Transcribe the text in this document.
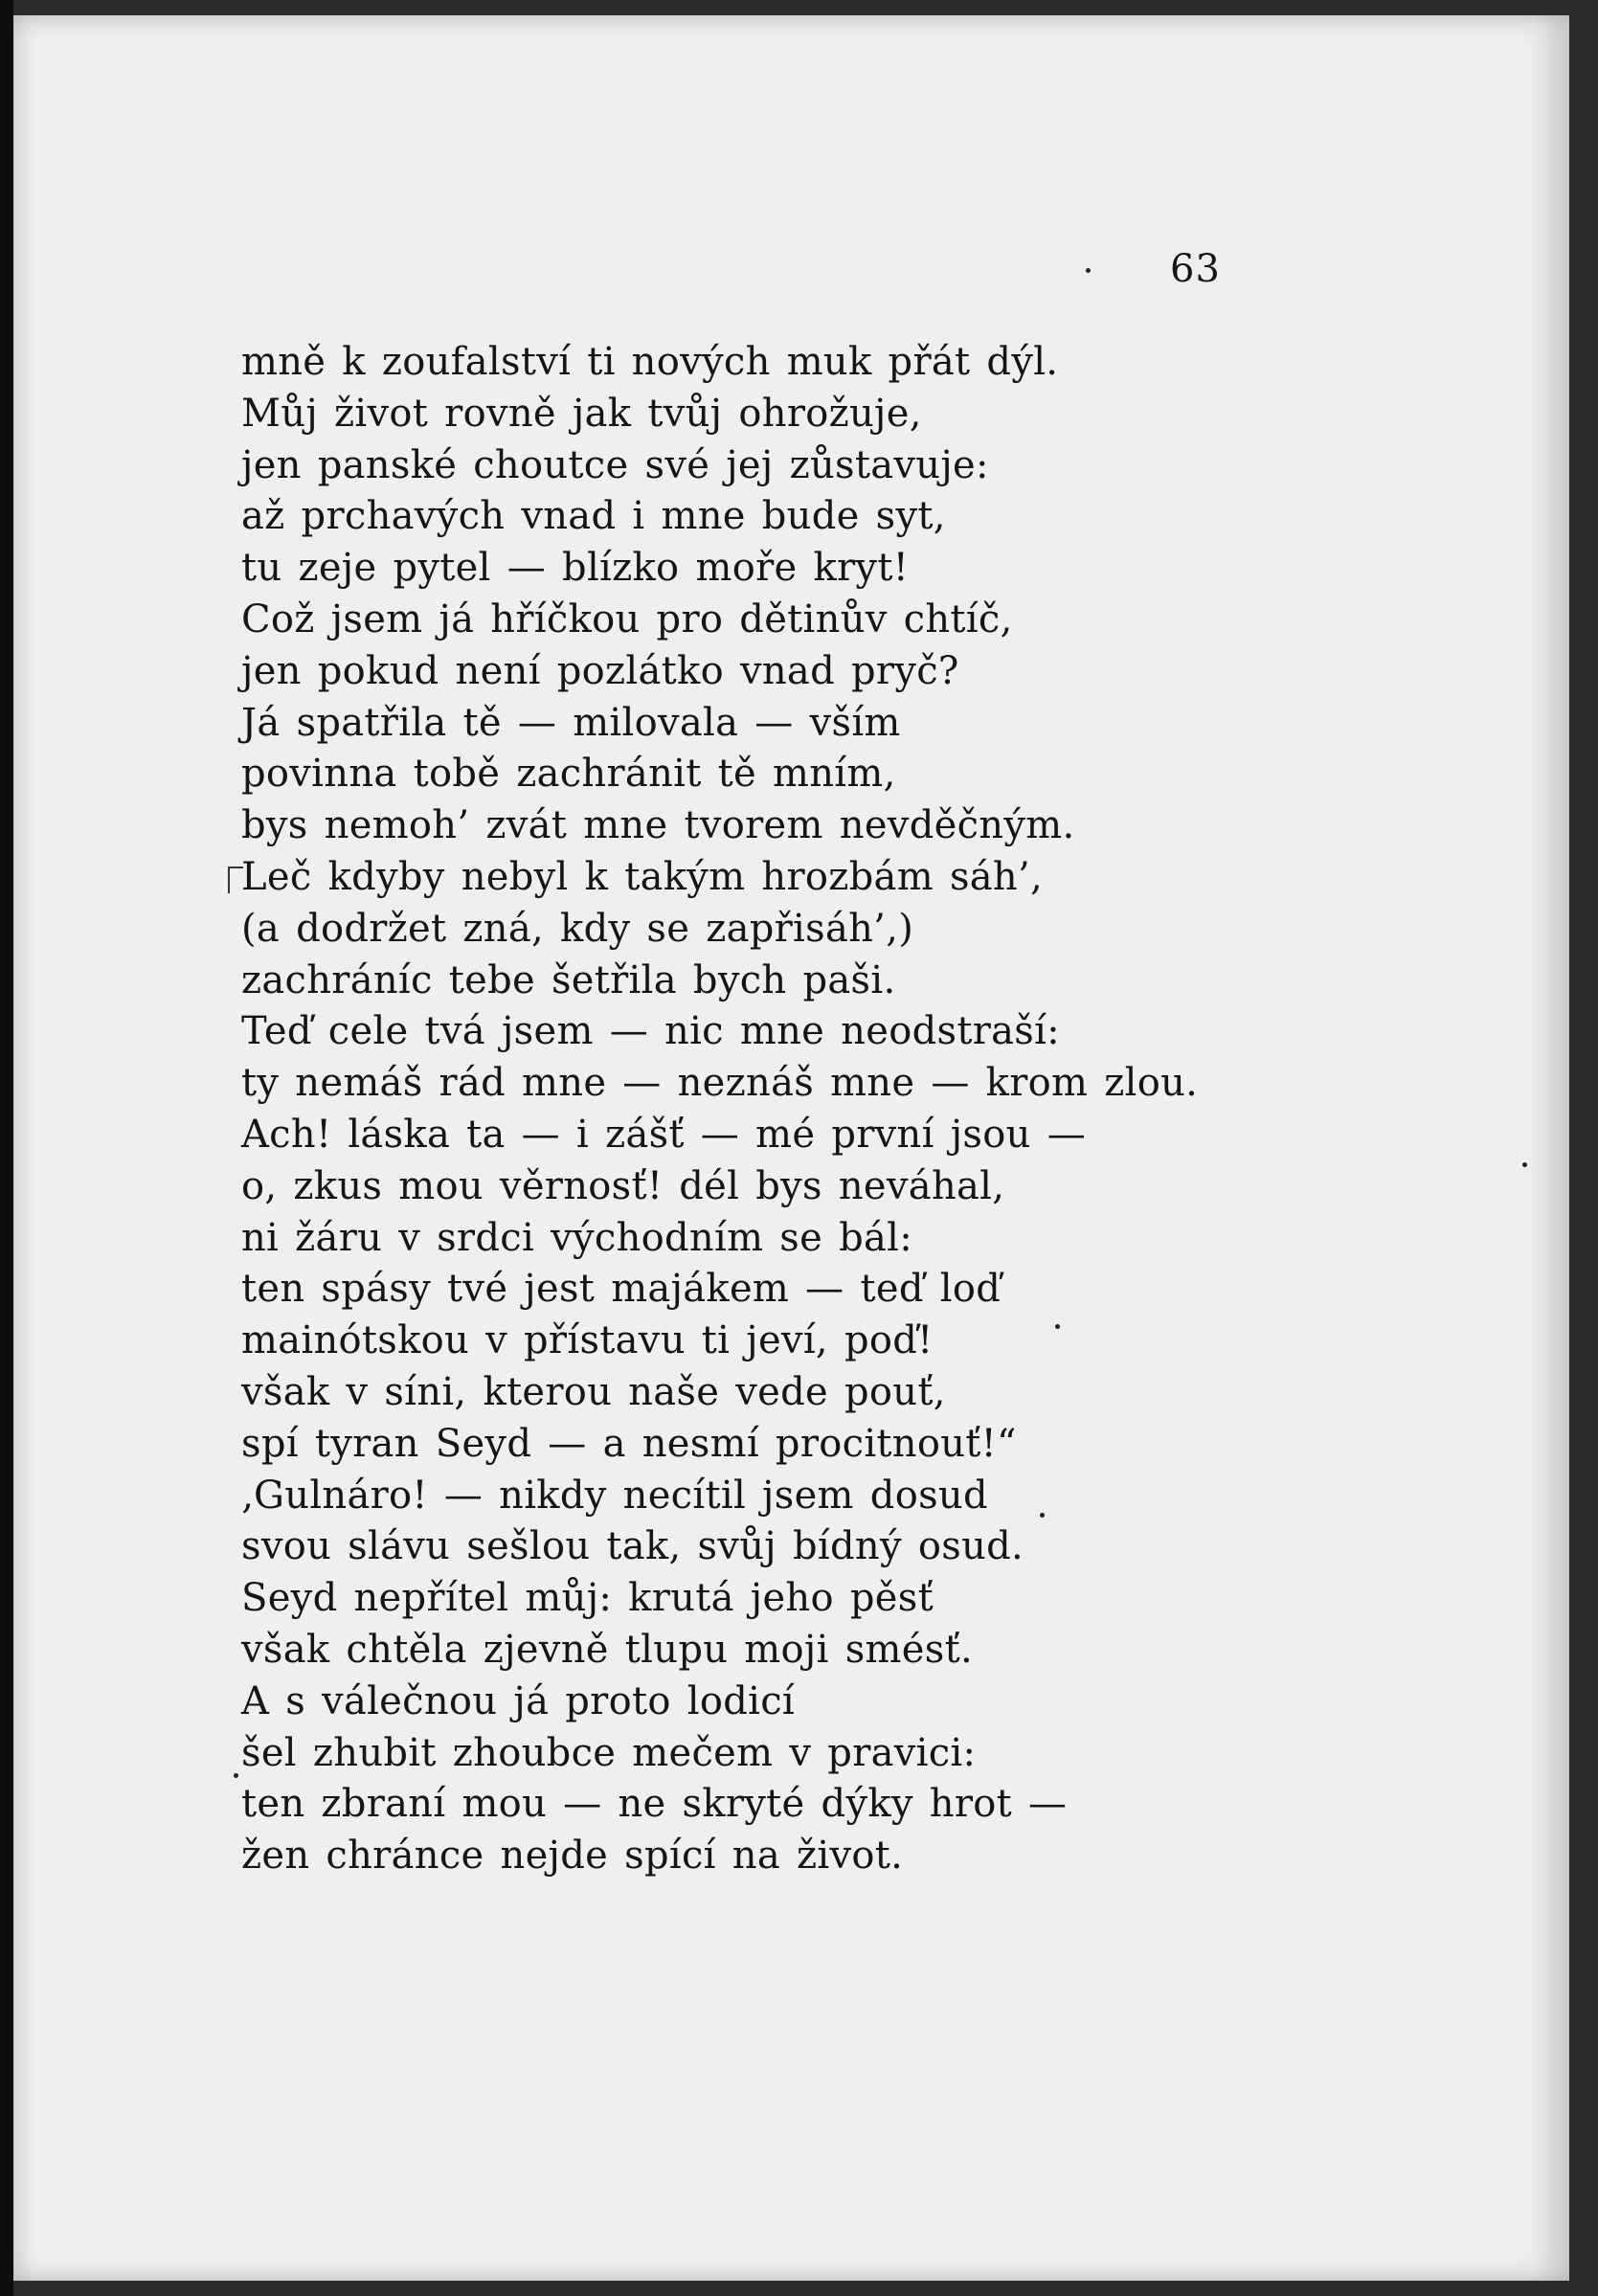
63
mně k zoufalství ti nových muk přát dýl.
Můj život rovně jak tvůj ohrožuje,
jen panské choutce své jej zůstavuje:
až prchavých vnad i mne bude syt,
tu zeje pytel — blízko moře kryt!
Což jsem já hříčkou pro dětinův chtíč,
jen pokud není pozlátko vnad pryč?
Já spatřila tě — milovala — vším
povinna tobě zachránit tě mním,
bys nemoh’ zvát mne tvorem nevděčným.
Leč kdyby nebyl k takým hrozbám sáh’,
(a dodržet zná, kdy se zapřisáh’,)
zachráníc tebe šetřila bych paši.
Teď cele tvá jsem — nic mne neodstraší:
ty nemáš rád mne — neznáš mne — krom zlou.
Ach! láska ta — i zášť — mé první jsou —
o, zkus mou věrnosť! dél bys neváhal,
ni žáru v srdci východním se bál:
ten spásy tvé jest majákem — teď loď
mainótskou v přístavu ti jeví, poď!
však v síni, kterou naše vede pouť,
spí tyran Seyd — a nesmí procitnouť!“
‚Gulnáro! — nikdy necítil jsem dosud
svou slávu sešlou tak, svůj bídný osud.
Seyd nepřítel můj: krutá jeho pěsť
však chtěla zjevně tlupu moji smésť.
A s válečnou já proto lodicí
šel zhubit zhoubce mečem v pravici:
ten zbraní mou — ne skryté dýky hrot —
žen chránce nejde spící na život.
